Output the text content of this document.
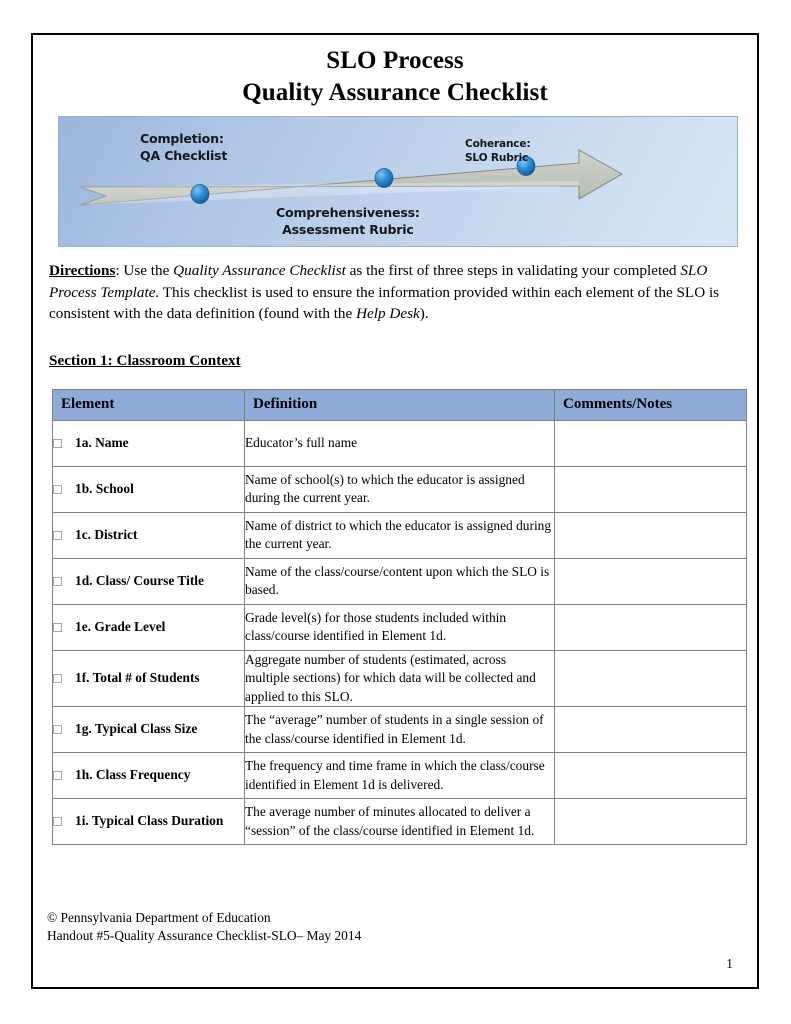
SLO Process
Quality Assurance Checklist
Completion:
QA Checklist
Coherance:
SLO Rubric
Comprehensiveness:
Assessment Rubric

Directions: Use the Quality Assurance Checklist as the first of three steps in validating your completed SLO Process Template. This checklist is used to ensure the information provided within each element of the SLO is consistent with the data definition (found with the Help Desk).

Section 1: Classroom Context
Element	Definition	Comments/Notes

1a. Name	Educator’s full name	

1b. School	Name of school(s) to which the educator is assigned during the current year.	

1c. District	Name of district to which the educator is assigned during the current year.	

1d. Class/ Course Title	Name of the class/course/content upon which the SLO is based.	

1e. Grade Level	Grade level(s) for those students included within class/course identified in Element 1d.	

1f. Total # of Students	Aggregate number of students (estimated, across multiple sections) for which data will be collected and applied to this SLO.	

1g. Typical Class Size	The “average” number of students in a single session of the class/course identified in Element 1d.	

1h. Class Frequency	The frequency and time frame in which the class/course identified in Element 1d is delivered.	

1i. Typical Class Duration	The average number of minutes allocated to deliver a “session” of the class/course identified in Element 1d.	
© Pennsylvania Department of Education
Handout #5-Quality Assurance Checklist-SLO– May 2014
1
